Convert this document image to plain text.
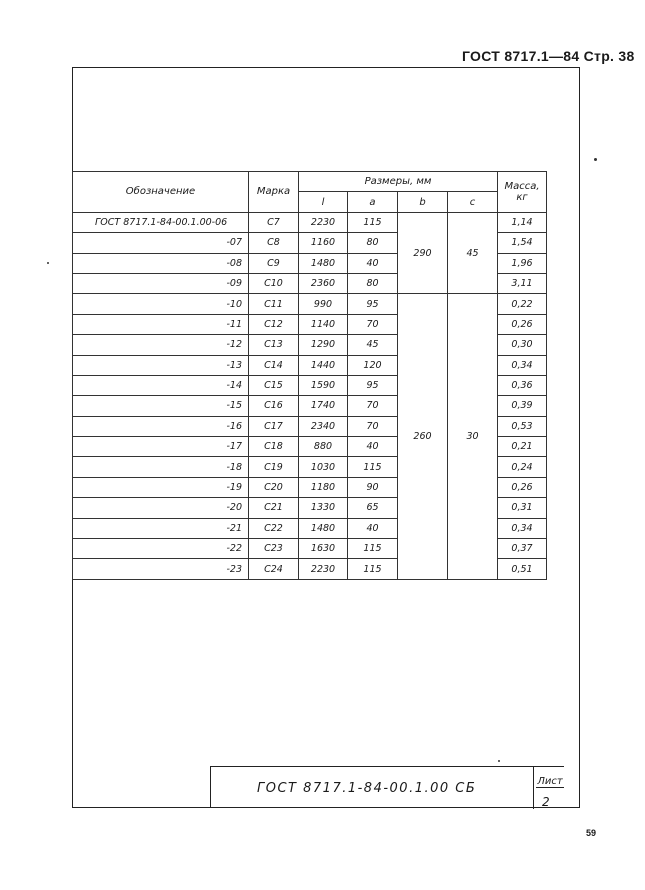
ГОСТ 8717.1—84 Стр. 38
Обозначение	Марка	Размеры, мм				Масса, кг
		l	a	b	c	
ГОСТ 8717.1-84-00.1.00-06	С7	2230	115	290	45	1,14
-07	С8	1160	80			1,54
-08	С9	1480	40			1,96
-09	С10	2360	80			3,11
-10	С11	990	95	260	30	0,22
-11	С12	1140	70			0,26
-12	С13	1290	45			0,30
-13	С14	1440	120			0,34
-14	С15	1590	95			0,36
-15	С16	1740	70			0,39
-16	С17	2340	70			0,53
-17	С18	880	40			0,21
-18	С19	1030	115			0,24
-19	С20	1180	90			0,26
-20	С21	1330	65			0,31
-21	С22	1480	40			0,34
-22	С23	1630	115			0,37
-23	С24	2230	115			0,51
ГОСТ 8717.1-84-00.1.00 СБ	Лист
2
59
